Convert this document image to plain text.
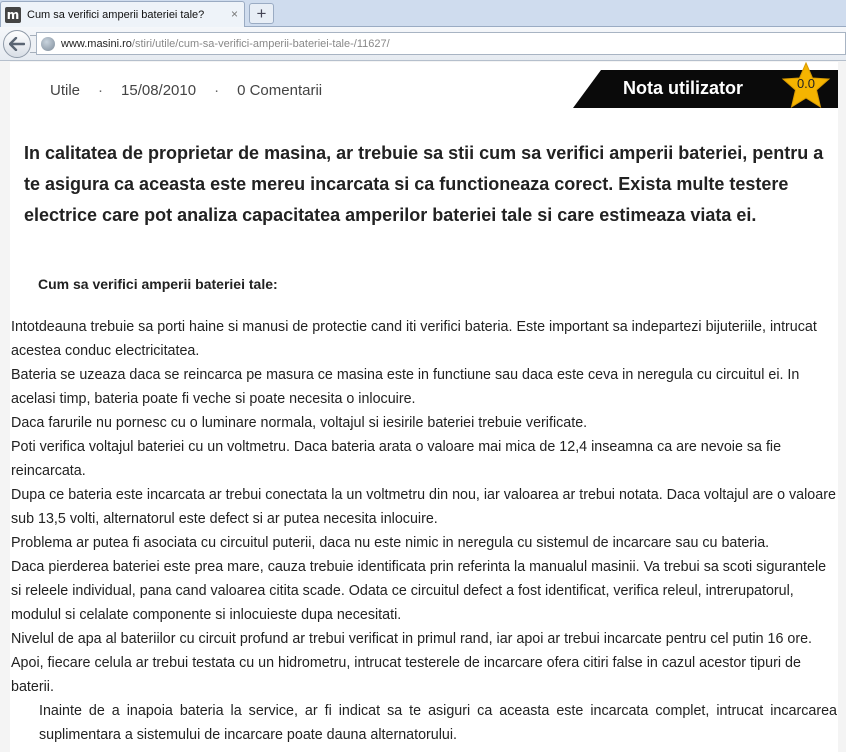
m Cum sa verifici amperii bateriei tale? ×	+
www.masini.ro/stiri/utile/cum-sa-verifici-amperii-bateriei-tale-/11627/
Utile · 15/08/2010 · 0 Comentarii	Nota utilizator	0.0
In calitatea de proprietar de masina, ar trebuie sa stii cum sa verifici amperii bateriei, pentru a te asigura ca aceasta este mereu incarcata si ca functioneaza corect. Exista multe testere electrice care pot analiza capacitatea amperilor bateriei tale si care estimeaza viata ei.
Cum sa verifici amperii bateriei tale:

Intotdeauna trebuie sa porti haine si manusi de protectie cand iti verifici bateria. Este important sa indepartezi bijuteriile, intrucat acestea conduc electricitatea.

Bateria se uzeaza daca se reincarca pe masura ce masina este in functiune sau daca este ceva in neregula cu circuitul ei. In acelasi timp, bateria poate fi veche si poate necesita o inlocuire.

Daca farurile nu pornesc cu o luminare normala, voltajul si iesirile bateriei trebuie verificate.

Poti verifica voltajul bateriei cu un voltmetru. Daca bateria arata o valoare mai mica de 12,4 inseamna ca are nevoie sa fie reincarcata.

Dupa ce bateria este incarcata ar trebui conectata la un voltmetru din nou, iar valoarea ar trebui notata. Daca voltajul are o valoare sub 13,5 volti, alternatorul este defect si ar putea necesita inlocuire.

Problema ar putea fi asociata cu circuitul puterii, daca nu este nimic in neregula cu sistemul de incarcare sau cu bateria.

Daca pierderea bateriei este prea mare, cauza trebuie identificata prin referinta la manualul masinii. Va trebui sa scoti sigurantele si releele individual, pana cand valoarea citita scade. Odata ce circuitul defect a fost identificat, verifica releul, intrerupatorul, modulul si celalate componente si inlocuieste dupa necesitati.

Nivelul de apa al bateriilor cu circuit profund ar trebui verificat in primul rand, iar apoi ar trebui incarcate pentru cel putin 16 ore. Apoi, fiecare celula ar trebui testata cu un hidrometru, intrucat testerele de incarcare ofera citiri false in cazul acestor tipuri de baterii.

Inainte de a inapoia bateria la service, ar fi indicat sa te asiguri ca aceasta este incarcata complet, intrucat incarcarea suplimentara a sistemului de incarcare poate dauna alternatorului.
